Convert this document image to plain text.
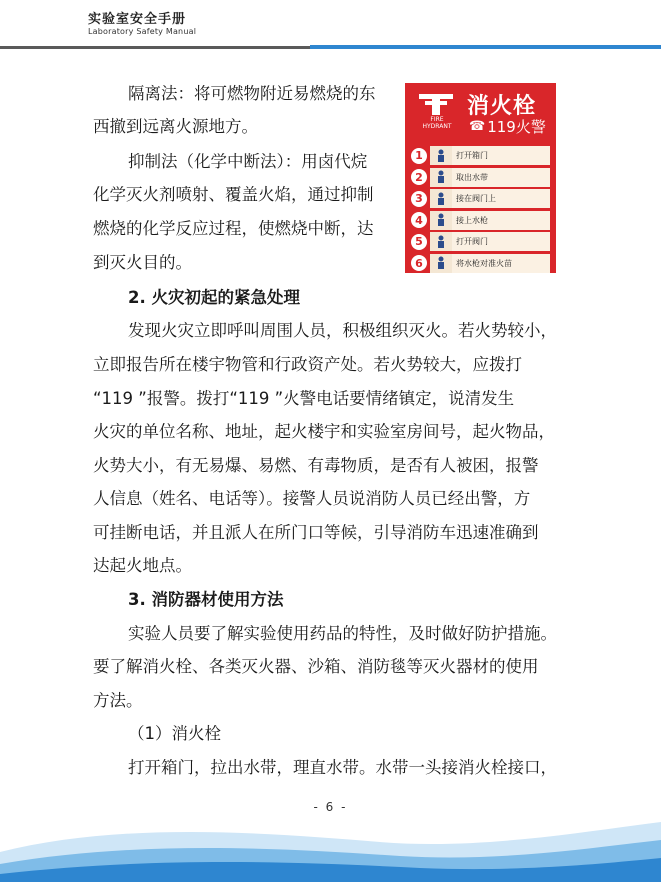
实验室安全手册
Laboratory Safety Manual
隔离法：将可燃物附近易燃烧的东
西撤到远离火源地方。
抑制法（化学中断法）：用卤代烷
化学灭火剂喷射、覆盖火焰，通过抑制
燃烧的化学反应过程，使燃烧中断，达
到灭火目的。
2. 火灾初起的紧急处理
发现火灾立即呼叫周围人员，积极组织灭火。若火势较小，
立即报告所在楼宇物管和行政资产处。若火势较大，应拨打
“119 ”报警。拨打“119 ”火警电话要情绪镇定，说清发生
火灾的单位名称、地址，起火楼宇和实验室房间号，起火物品，
火势大小，有无易爆、易燃、有毒物质，是否有人被困，报警
人信息（姓名、电话等）。接警人员说消防人员已经出警，方
可挂断电话，并且派人在所门口等候，引导消防车迅速准确到
达起火地点。
3. 消防器材使用方法
实验人员要了解实验使用药品的特性，及时做好防护措施。
要了解消火栓、各类灭火器、沙箱、消防毯等灭火器材的使用
方法。
（1）消火栓
打开箱门，拉出水带，理直水带。水带一头接消火栓接口，
FIRE
HYDRANT
消火栓
☎ 119火警
1	打开箱门
2	取出水带
3	接在阀门上
4	接上水枪
5	打开阀门
6	将水枪对准火苗
- 6 -
